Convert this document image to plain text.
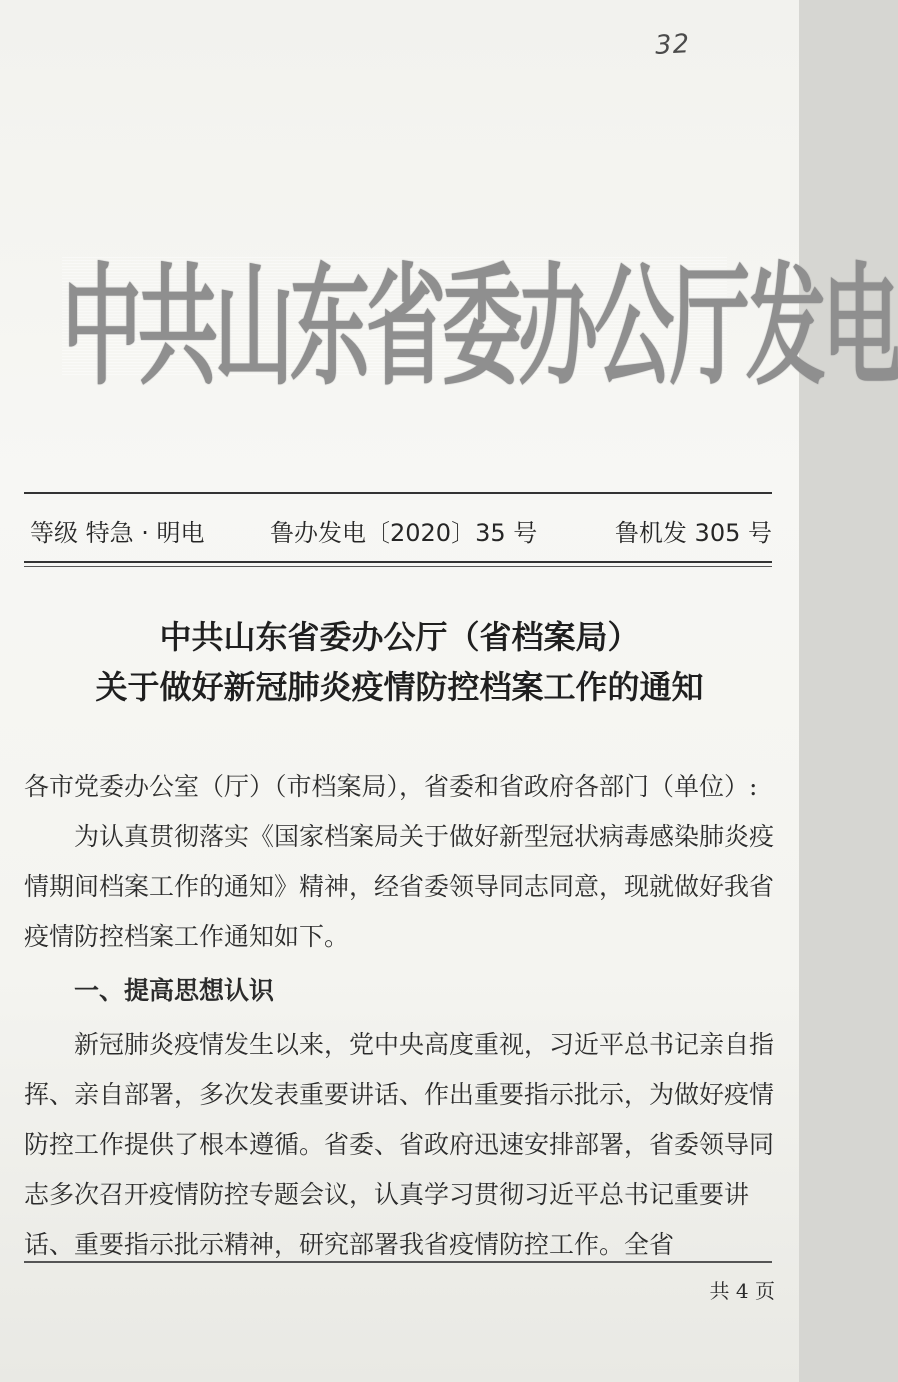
32
中 共 山 东 省 委 办 公 厅 发 电
等级 特急 · 明电	鲁办发电〔2020〕35 号	鲁机发 305 号
中共山东省委办公厅（省档案局）
关于做好新冠肺炎疫情防控档案工作的通知

各市党委办公室（厅）（市档案局），省委和省政府各部门（单位）:

为认真贯彻落实《国家档案局关于做好新型冠状病毒感染肺炎疫情期间档案工作的通知》精神，经省委领导同志同意，现就做好我省疫情防控档案工作通知如下。

一、提高思想认识

新冠肺炎疫情发生以来，党中央高度重视，习近平总书记亲自指挥、亲自部署，多次发表重要讲话、作出重要指示批示，为做好疫情防控工作提供了根本遵循。省委、省政府迅速安排部署，省委领导同志多次召开疫情防控专题会议，认真学习贯彻习近平总书记重要讲话、重要指示批示精神，研究部署我省疫情防控工作。全省

共 4 页
